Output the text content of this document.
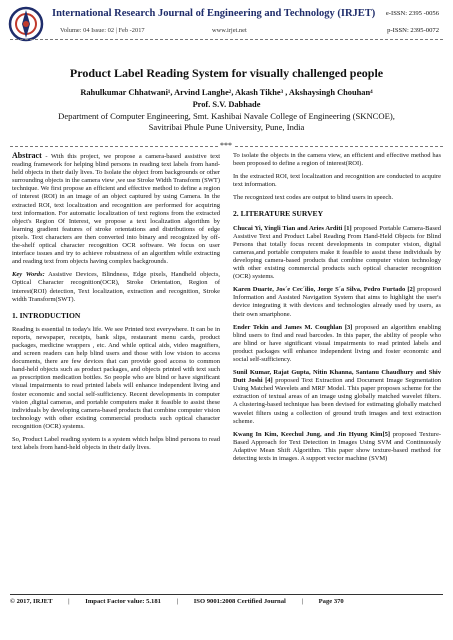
International Research Journal of Engineering and Technology (IRJET)
Volume: 04 Issue: 02 | Feb -2017	www.irjet.net
e-ISSN: 2395 -0056
p-ISSN: 2395-0072
Product Label Reading System for visually challenged people
Rahulkumar Chhatwani¹, Arvind Langhe², Akash Tikhe³ , Akshaysingh Chouhan⁴
Prof. S.V. Dabhade
Department of Computer Engineering, Smt. Kashibai Navale College of Engineering (SKNCOE),
Savitribai Phule Pune University, Pune, India
***

Abstract - With this project, we propose a camera-based assistive text reading framework for helping blind persons in reading text labels from hand-held objects in their daily lives. To Isolate the object from backgrounds or other surrounding objects in the camera view ,we use Stroke Width Transform (SWT) technique. We first propose an efficient and effective method to define a region of interest (ROI) in an image of an object captured by using Camera. In the extracted ROI, text localization and recognition are performed for acquiring text information. For automatic localization of text regions from the extracted object's Region Of Interest, we propose a text localization algorithm by learning gradient features of stroke orientations and distributions of edge pixels. Text characters are then converted into binary and recognized by off-the-shelf optical character recognition OCR software. We focus on user interface issues and try to achieve robustness of an algorithm while extracting and reading text from objects having complex backgrounds.

Key Words: Assistive Devices, Blindness, Edge pixels, Handheld objects, Optical Character recognition(OCR), Stroke Orientation, Region of interest(ROI) detection, Text localization, extraction and recognition, Stroke width Transform(SWT).

1. INTRODUCTION

Reading is essential in today's life. We see Printed text everywhere. It can be in reports, newspaper, receipts, bank slips, restaurant menu cards, product packages, medicine wrappers , etc. And while optical aids, video magnifiers, and screen readers can help blind users and those with low vision to access documents, there are few devices that can provide good access to common hand-held objects such as product packages, and objects printed with text such as prescription medication bottles. So people who are blind or have significant visual impairments to read printed labels will enhance independent living and foster economic and social self-sufficiency. Recent developments in computer vision ,digital cameras, and portable computers make it feasible to assist these individuals by developing camera-based products that combine computer vision technology with other existing commercial products such optical character recognition (OCR) systems.

So, Product Label reading system is a system which helps blind persons to read text labels from hand-held objects in their daily lives.

To isolate the objects in the camera view, an efficient and effective method has been proposed to define a region of interest(ROI).

In the extracted ROI, text localization and recognition are conducted to acquire text information.

The recognized text codes are output to blind users in speech.

2. LITERATURE SURVEY

Chucai Yi, Yingli Tian and Aries Arditi [1] proposed Portable Camera-Based Assistive Text and Product Label Reading From Hand-Held Objects for Blind Persons that totally focus recent developments in computer vision, digital cameras,and portable computers make it feasible to assist these individuals by developing camera-based products that combine computer vision technology with other existing commercial products such optical character recognition (OCR) systems.

Karen Duarte, Jos´e Cec´ilio, Jorge S´a Silva, Pedro Furtado [2] proposed Information and Assisted Navigation System that aims to highlight the user's device integrating it with devices and technologies already used by users, as their own smartphone.

Ender Tekin and James M. Coughlan [3] proposed an algorithm enabling blind users to find and read barcodes. In this paper, the ability of people who are blind or have significant visual impairments to read printed labels and product packages will enhance independent living and foster economic and social self-sufficiency.

Sunil Kumar, Rajat Gupta, Nitin Khanna, Santanu Chaudhury and Shiv Dutt Joshi [4] proposed Text Extraction and Document Image Segmentation Using Matched Wavelets and MRF Model. This paper proposes scheme for the extraction of textual areas of an image using globally matched wavelet filters. A clustering-based technique has been devised for estimating globally matched wavelet filters using a collection of ground truth images and text extraction scheme.

Kwang In Kim, Keechul Jung, and Jin Hyung Kim[5] proposed Texture-Based Approach for Text Detection in Images Using SVM and Continuously Adaptive Mean Shift Algorithm. This paper show texture-based method for detecting texts in images. A support vector machine (SVM)

© 2017, IRJET | Impact Factor value: 5.181 | ISO 9001:2008 Certified Journal | Page 370
